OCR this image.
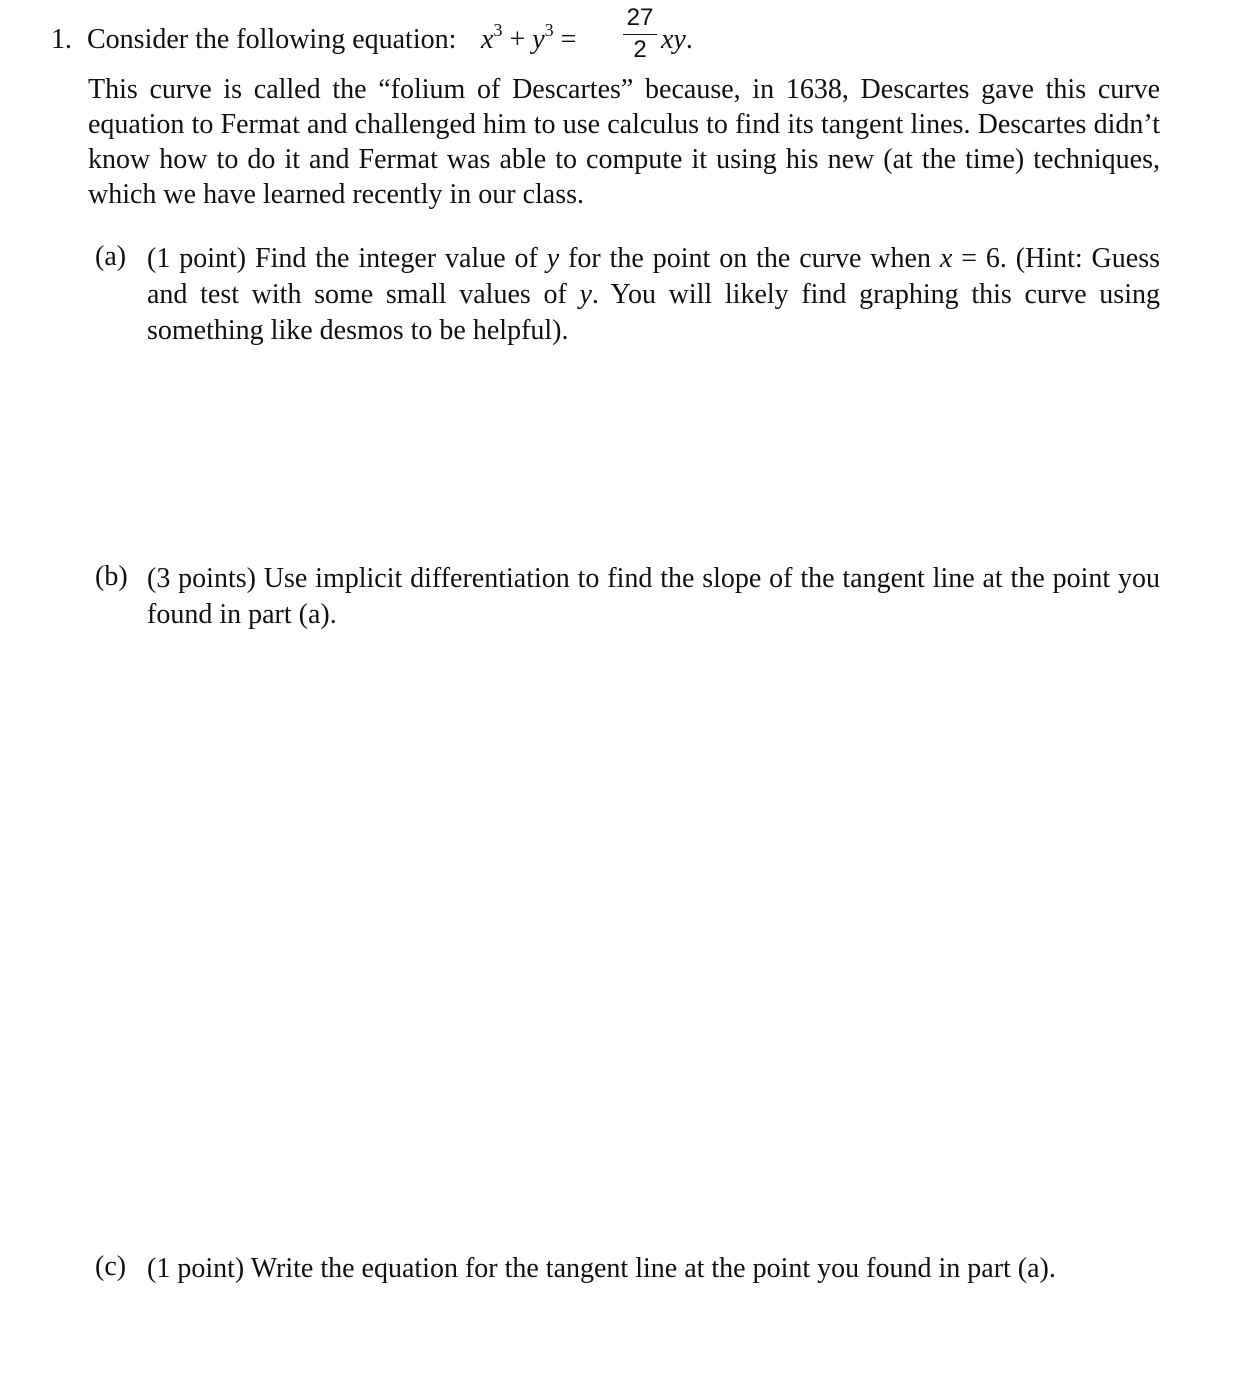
1. Consider the following equation: $x^3 + y^3$ =
27
2 xy.

This curve is called the “folium of Descartes” because, in 1638, Descartes gave this curve equation to Fermat and challenged him to use calculus to find its tangent lines. Descartes didn’t know how to do it and Fermat was able to compute it using his new (at the time) techniques, which we have learned recently in our class.

(a) (1 point) Find the integer value of y for the point on the curve when x = 6. (Hint: Guess and test with some small values of y. You will likely find graphing this curve using something like desmos to be helpful).

(b) (3 points) Use implicit differentiation to find the slope of the tangent line at the point you found in part (a).

(c) (1 point) Write the equation for the tangent line at the point you found in part (a).
